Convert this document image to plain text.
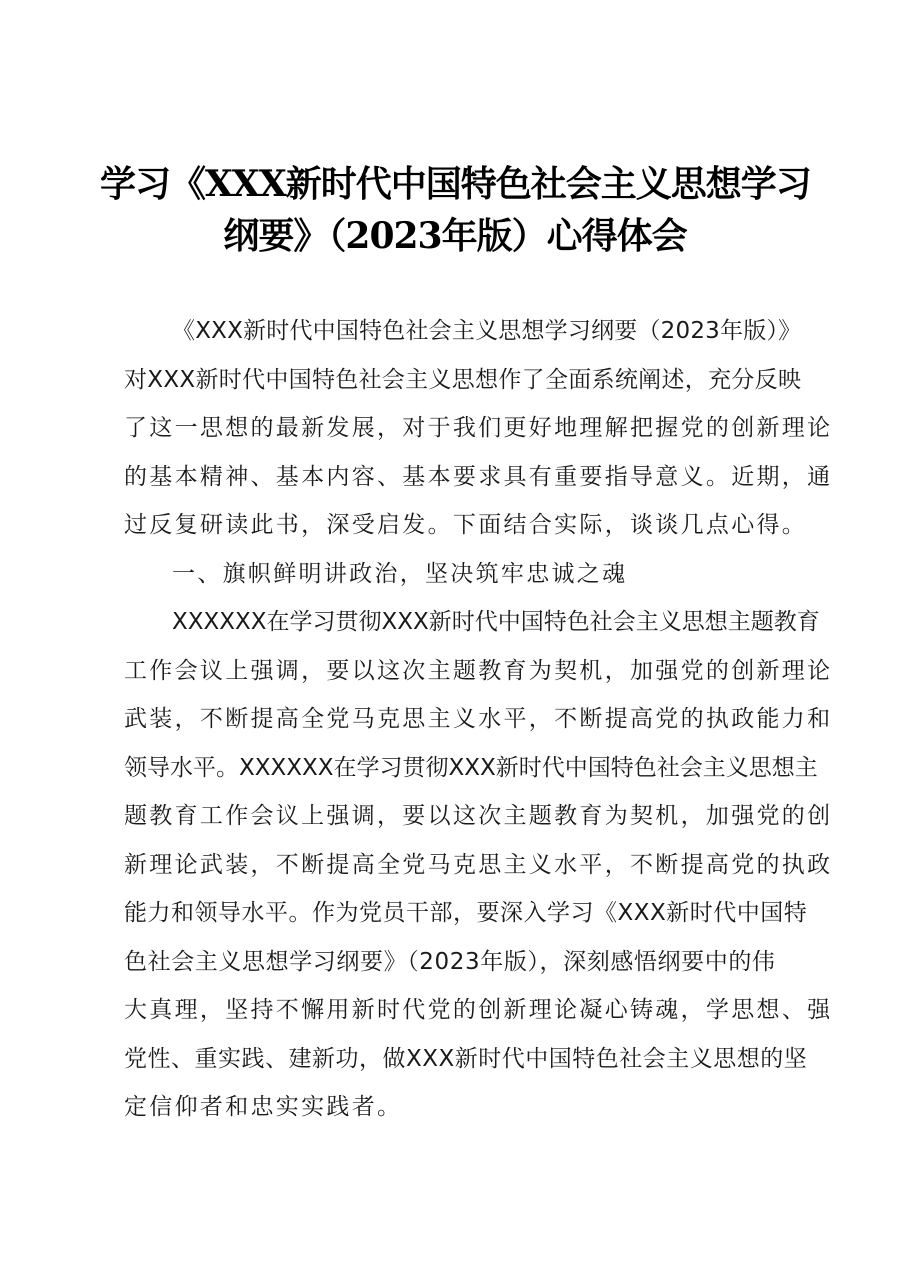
学习《XXX新时代中国特色社会主义思想学习
纲要》（2023年版）心得体会
《XXX新时代中国特色社会主义思想学习纲要（2023年版）》
对XXX新时代中国特色社会主义思想作了全面系统阐述，充分反映
了这一思想的最新发展，对于我们更好地理解把握党的创新理论
的基本精神、基本内容、基本要求具有重要指导意义。近期，通
过反复研读此书，深受启发。下面结合实际，谈谈几点心得。
一、旗帜鲜明讲政治，坚决筑牢忠诚之魂
XXXXXX在学习贯彻XXX新时代中国特色社会主义思想主题教育
工作会议上强调，要以这次主题教育为契机，加强党的创新理论
武装，不断提高全党马克思主义水平，不断提高党的执政能力和
领导水平。XXXXXX在学习贯彻XXX新时代中国特色社会主义思想主
题教育工作会议上强调，要以这次主题教育为契机，加强党的创
新理论武装，不断提高全党马克思主义水平，不断提高党的执政
能力和领导水平。作为党员干部，要深入学习《XXX新时代中国特
色社会主义思想学习纲要》（2023年版），深刻感悟纲要中的伟
大真理，坚持不懈用新时代党的创新理论凝心铸魂，学思想、强
党性、重实践、建新功，做XXX新时代中国特色社会主义思想的坚
定信仰者和忠实实践者。
